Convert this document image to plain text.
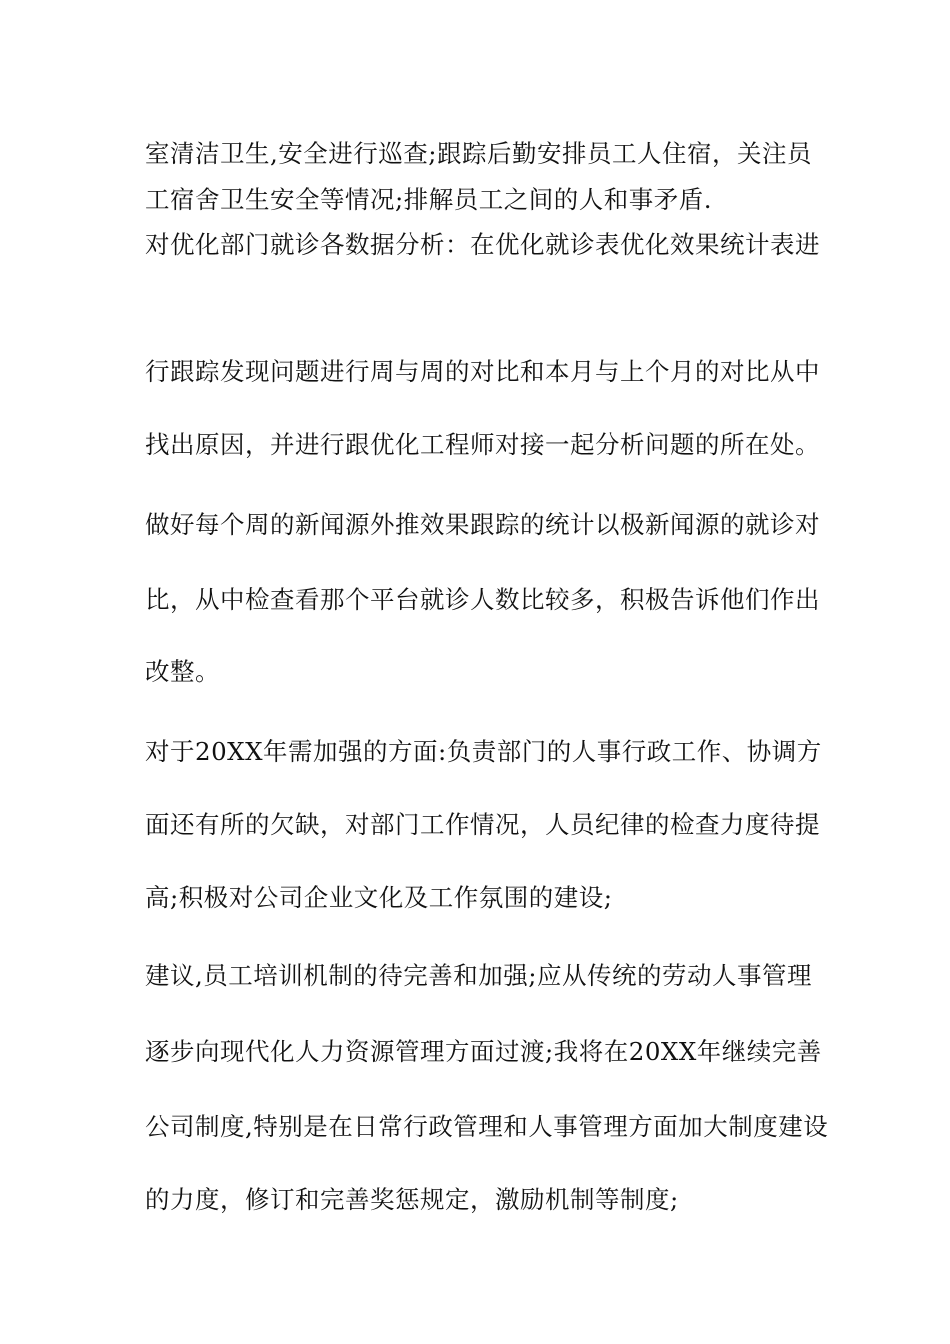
室清洁卫生,安全进行巡查;跟踪后勤安排员工人住宿，关注员
工宿舍卫生安全等情况;排解员工之间的人和事矛盾.
对优化部门就诊各数据分析：在优化就诊表优化效果统计表进
行跟踪发现问题进行周与周的对比和本月与上个月的对比从中
找出原因，并进行跟优化工程师对接一起分析问题的所在处。
做好每个周的新闻源外推效果跟踪的统计以极新闻源的就诊对
比，从中检查看那个平台就诊人数比较多，积极告诉他们作出
改整。
对于20XX年需加强的方面:负责部门的人事行政工作、协调方
面还有所的欠缺，对部门工作情况，人员纪律的检查力度待提
高;积极对公司企业文化及工作氛围的建设;
建议,员工培训机制的待完善和加强;应从传统的劳动人事管理
逐步向现代化人力资源管理方面过渡;我将在20XX年继续完善
公司制度,特别是在日常行政管理和人事管理方面加大制度建设
的力度，修订和完善奖惩规定，激励机制等制度;
